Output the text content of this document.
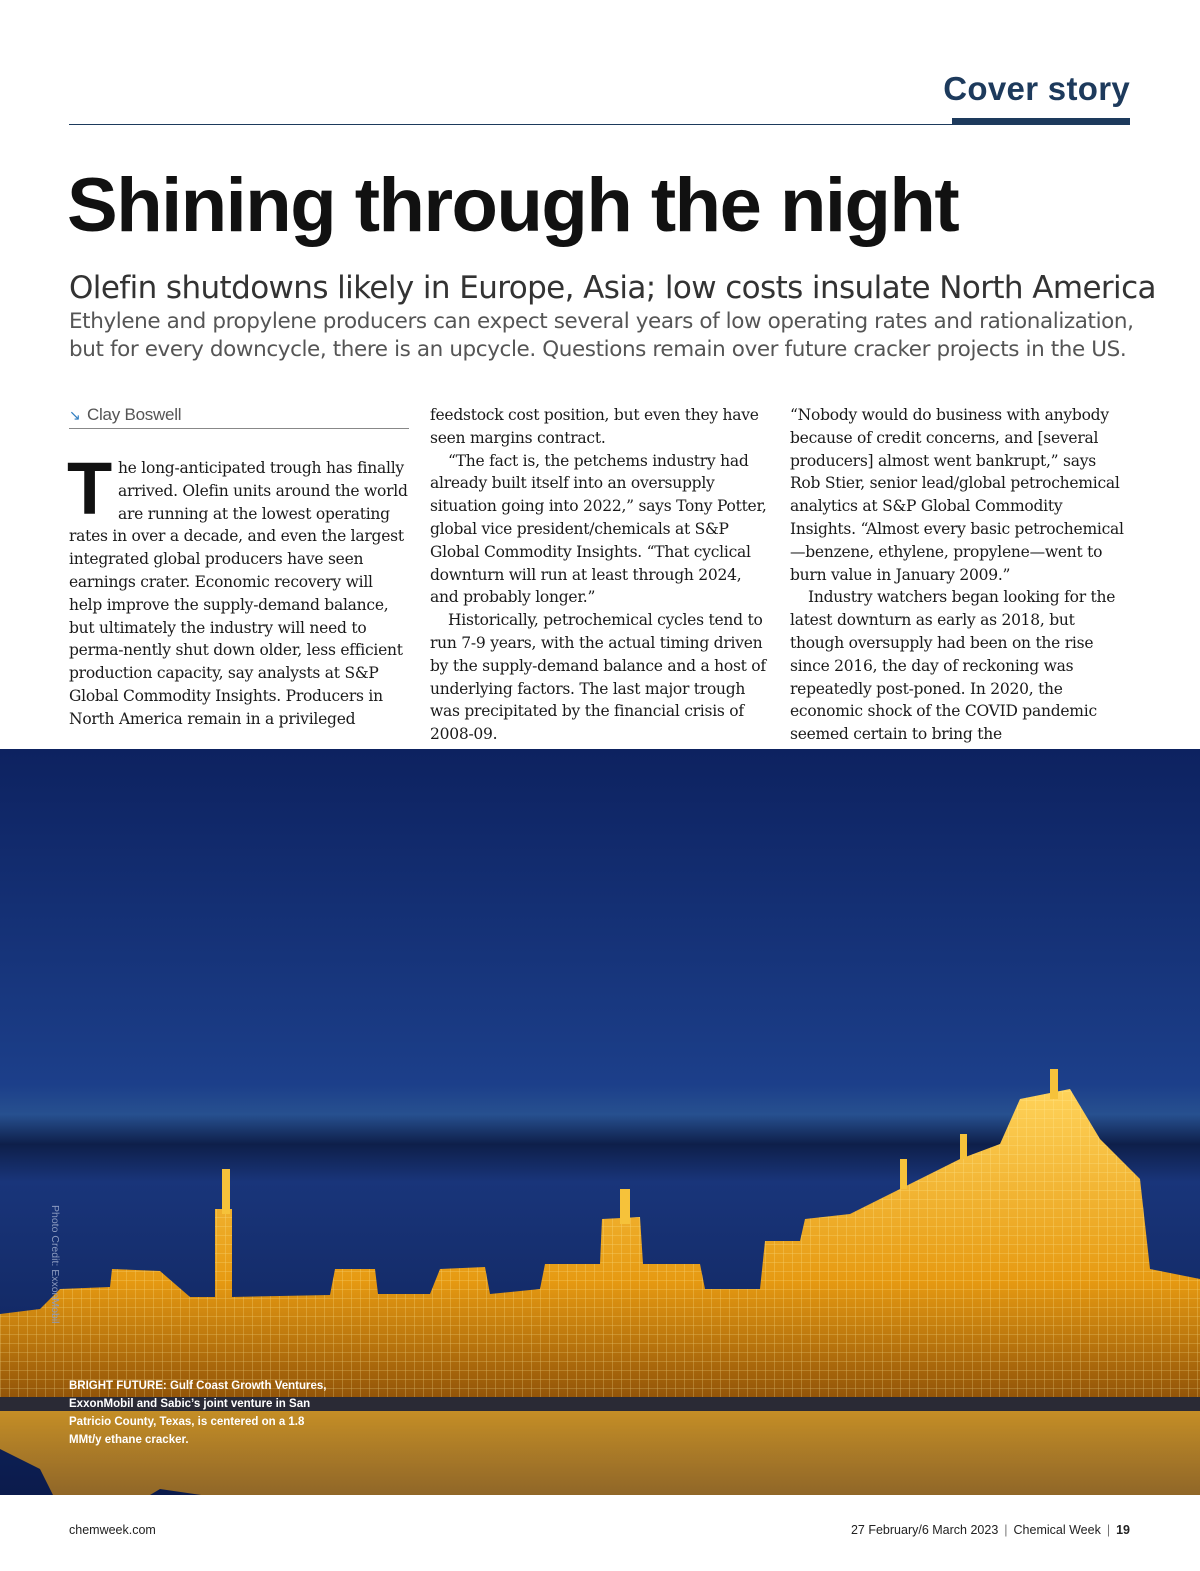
Cover story
Shining through the night
Olefin shutdowns likely in Europe, Asia; low costs insulate North America

Ethylene and propylene producers can expect several years of low operating rates and rationalization, but for every downcycle, there is an upcycle. Questions remain over future cracker projects in the US.

↘ Clay Boswell

The long-anticipated trough has finally arrived. Olefin units around the world are running at the lowest operating rates in over a decade, and even the largest integrated global producers have seen earnings crater. Economic recovery will help improve the supply-demand balance, but ultimately the industry will need to perma-nently shut down older, less efficient production capacity, say analysts at S&P Global Commodity Insights. Producers in North America remain in a privileged

feedstock cost position, but even they have seen margins contract.

“The fact is, the petchems industry had already built itself into an oversupply situation going into 2022,” says Tony Potter, global vice president/chemicals at S&P Global Commodity Insights. “That cyclical downturn will run at least through 2024, and probably longer.”

Historically, petrochemical cycles tend to run 7-9 years, with the actual timing driven by the supply-demand balance and a host of underlying factors. The last major trough was precipitated by the financial crisis of 2008-09.

“Nobody would do business with anybody because of credit concerns, and [several producers] almost went bankrupt,” says Rob Stier, senior lead/global petrochemical analytics at S&P Global Commodity Insights. “Almost every basic petrochemical—benzene, ethylene, propylene—went to burn value in January 2009.”

Industry watchers began looking for the latest downturn as early as 2018, but though oversupply had been on the rise since 2016, the day of reckoning was repeatedly post-poned. In 2020, the economic shock of the COVID pandemic seemed certain to bring the

Photo Credit: ExxonMobil
BRIGHT FUTURE: Gulf Coast Growth Ventures, ExxonMobil and Sabic’s joint venture in San Patricio County, Texas, is centered on a 1.8 MMt/y ethane cracker.
chemweek.com	27 February/6 March 2023 | Chemical Week | 19
